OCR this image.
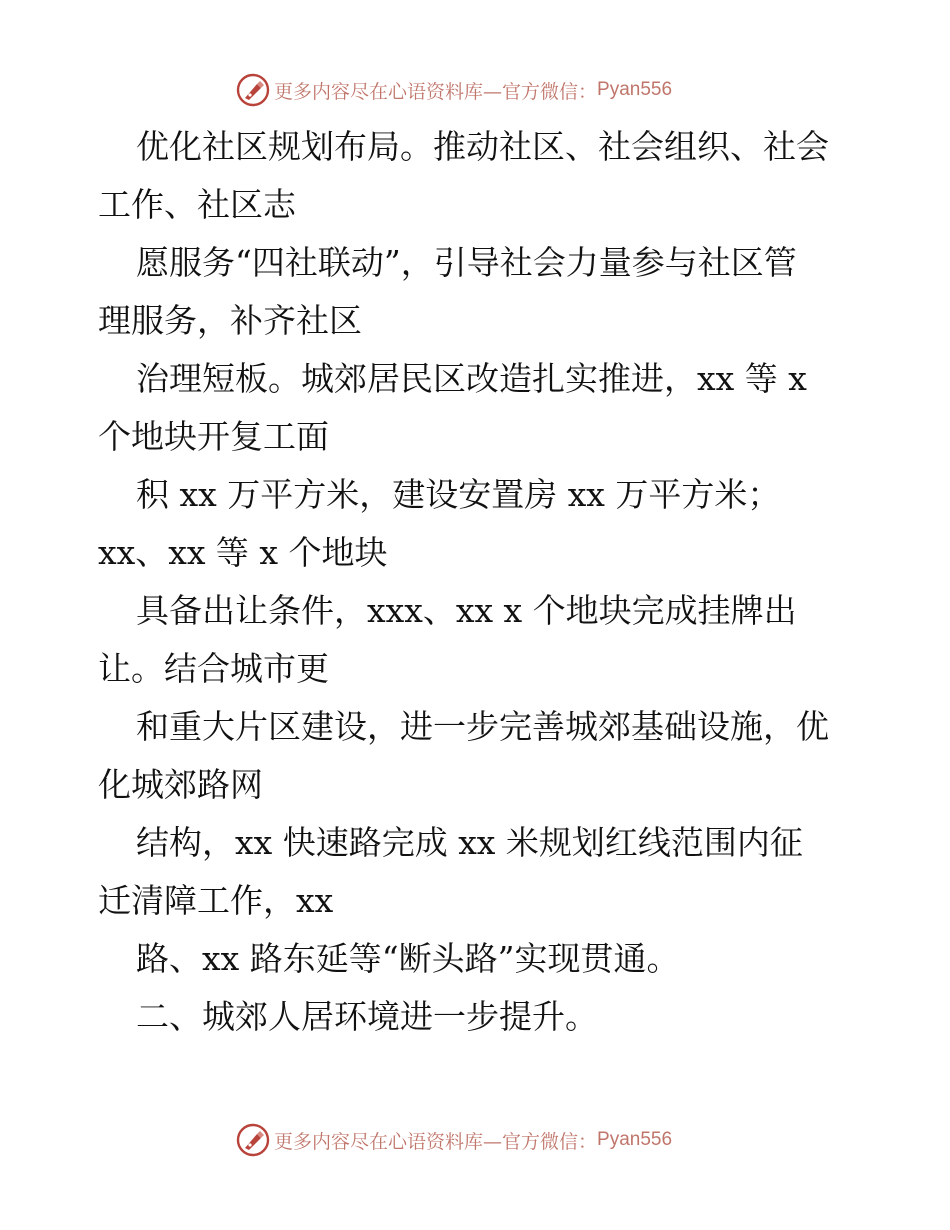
更多内容尽在心语资料库—官方微信： Pyan556
优化社区规划布局。推动社区、社会组织、社会
工作、社区志
愿服务“四社联动”，引导社会力量参与社区管
理服务，补齐社区
治理短板。城郊居民区改造扎实推进，xx 等 x
个地块开复工面
积 xx 万平方米，建设安置房 xx 万平方米；
xx、xx 等 x 个地块
具备出让条件，xxx、xx x 个地块完成挂牌出
让。结合城市更
和重大片区建设，进一步完善城郊基础设施，优
化城郊路网
结构，xx 快速路完成 xx 米规划红线范围内征
迁清障工作，xx
路、xx 路东延等“断头路”实现贯通。
二、城郊人居环境进一步提升。
更多内容尽在心语资料库—官方微信： Pyan556
